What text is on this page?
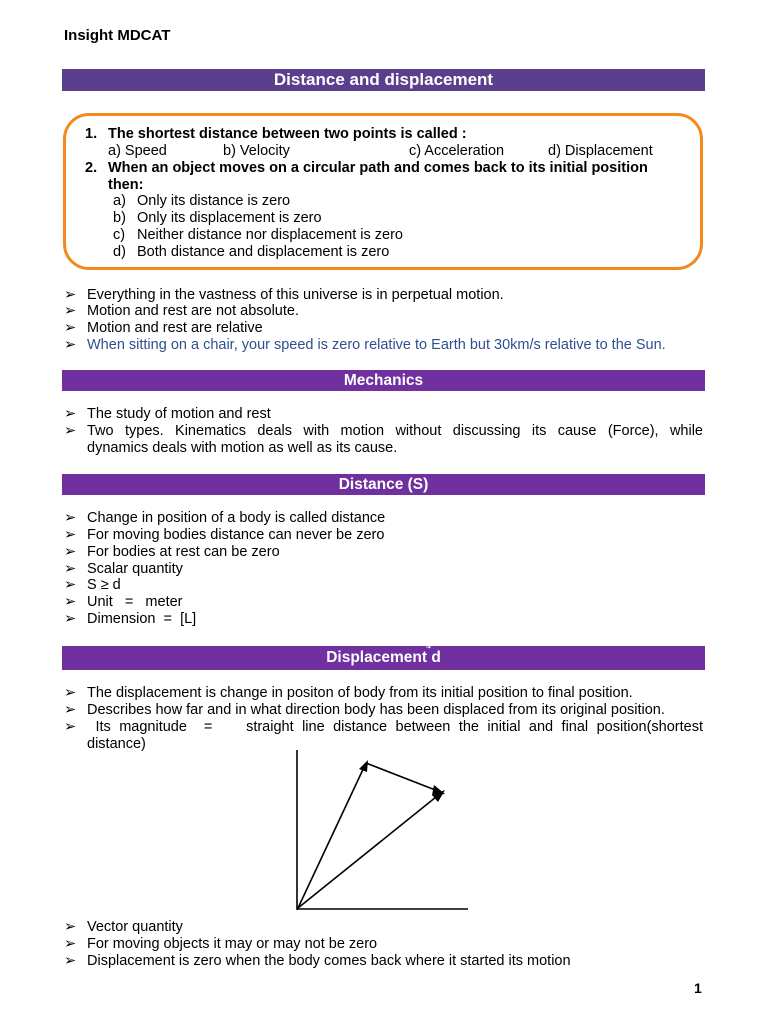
Insight MDCAT
Distance and displacement
1. The shortest distance between two points is called :
a) Speed	b) Velocity	c) Acceleration	d) Displacement
2. When an object moves on a circular path and comes back to its initial position
then:
a) Only its distance is zero
b) Only its displacement is zero
c) Neither distance nor displacement is zero
d) Both distance and displacement is zero
➢ Everything in the vastness of this universe is in perpetual motion.
➢ Motion and rest are not absolute.
➢ Motion and rest are relative
➢ When sitting on a chair, your speed is zero relative to Earth but 30km/s relative to the Sun.
Mechanics
➢ The study of motion and rest
➢ Two types. Kinematics deals with motion without discussing its cause (Force), while
dynamics deals with motion as well as its cause.
Distance (S)
➢ Change in position of a body is called distance
➢ For moving bodies distance can never be zero
➢ For bodies at rest can be zero
➢ Scalar quantity
➢ S ≥ d
➢ Unit   =   meter
➢ Dimension  =  [L]
Displacement d
➢ The displacement is change in positon of body from its initial position to final position.
➢ Describes how far and in what direction body has been displaced from its original position.
➢ Its magnitude  =    straight line distance between the initial and final position(shortest
distance)
➢ Vector quantity
➢ For moving objects it may or may not be zero
➢ Displacement is zero when the body comes back where it started its motion
1
